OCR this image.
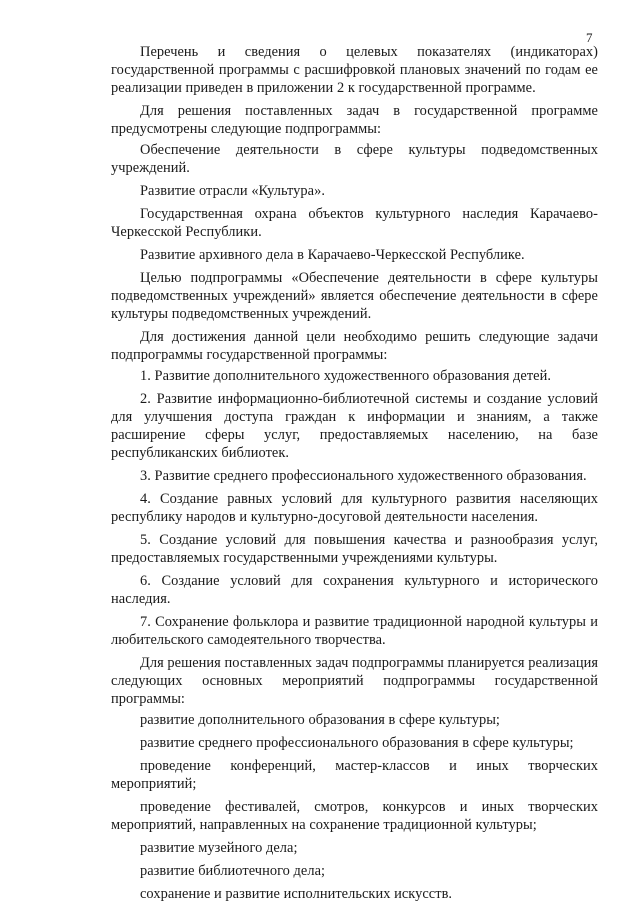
7

Перечень и сведения о целевых показателях (индикаторах) государственной программы с расшифровкой плановых значений по годам ее реализации приведен в приложении 2 к государственной программе.

Для решения поставленных задач в государственной программе предусмотрены следующие подпрограммы:

Обеспечение деятельности в сфере культуры подведомственных учреждений.

Развитие отрасли «Культура».

Государственная охрана объектов культурного наследия Карачаево-Черкесской Республики.

Развитие архивного дела в Карачаево-Черкесской Республике.

Целью подпрограммы «Обеспечение деятельности в сфере культуры подведомственных учреждений» является обеспечение деятельности в сфере культуры подведомственных учреждений.

Для достижения данной цели необходимо решить следующие задачи подпрограммы государственной программы:

1. Развитие дополнительного художественного образования детей.

2. Развитие информационно-библиотечной системы и создание условий для улучшения доступа граждан к информации и знаниям, а также расширение сферы услуг, предоставляемых населению, на базе республиканских библиотек.

3. Развитие среднего профессионального художественного образования.

4. Создание равных условий для культурного развития населяющих республику народов и культурно-досуговой деятельности населения.

5. Создание условий для повышения качества и разнообразия услуг, предоставляемых государственными учреждениями культуры.

6. Создание условий для сохранения культурного и исторического наследия.

7. Сохранение фольклора и развитие традиционной народной культуры и любительского самодеятельного творчества.

Для решения поставленных задач подпрограммы планируется реализация следующих основных мероприятий подпрограммы государственной программы:

развитие дополнительного образования в сфере культуры;

развитие среднего профессионального образования в сфере культуры;

проведение конференций, мастер-классов и иных творческих мероприятий;

проведение фестивалей, смотров, конкурсов и иных творческих мероприятий, направленных на сохранение традиционной культуры;

развитие музейного дела;

развитие библиотечного дела;

сохранение и развитие исполнительских искусств.
